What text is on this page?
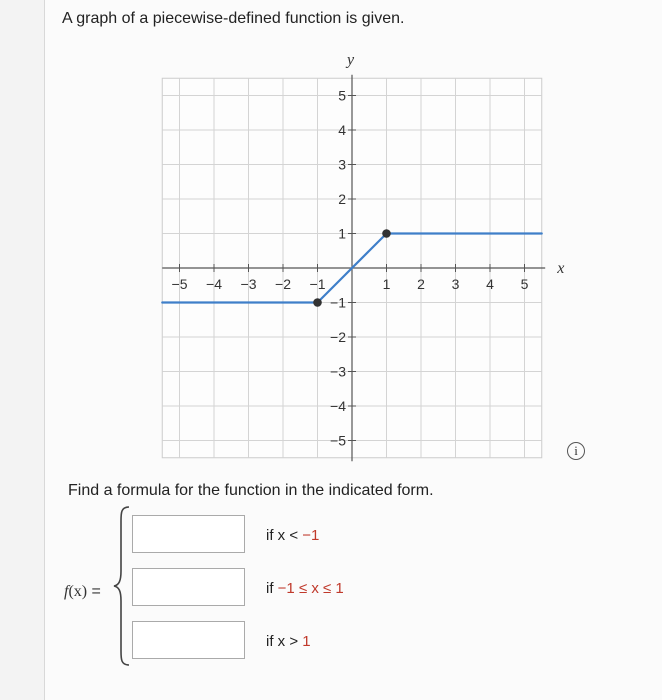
A graph of a piecewise-defined function is given.
x
y
−5 −4 −3 −2 −1	1 2 3 4 5
5
4
3
2
1
−1
−2
−3
−4
−5
i
Find a formula for the function in the indicated form.
f(x) =
if x < −1
if −1 ≤ x ≤ 1
if x > 1
